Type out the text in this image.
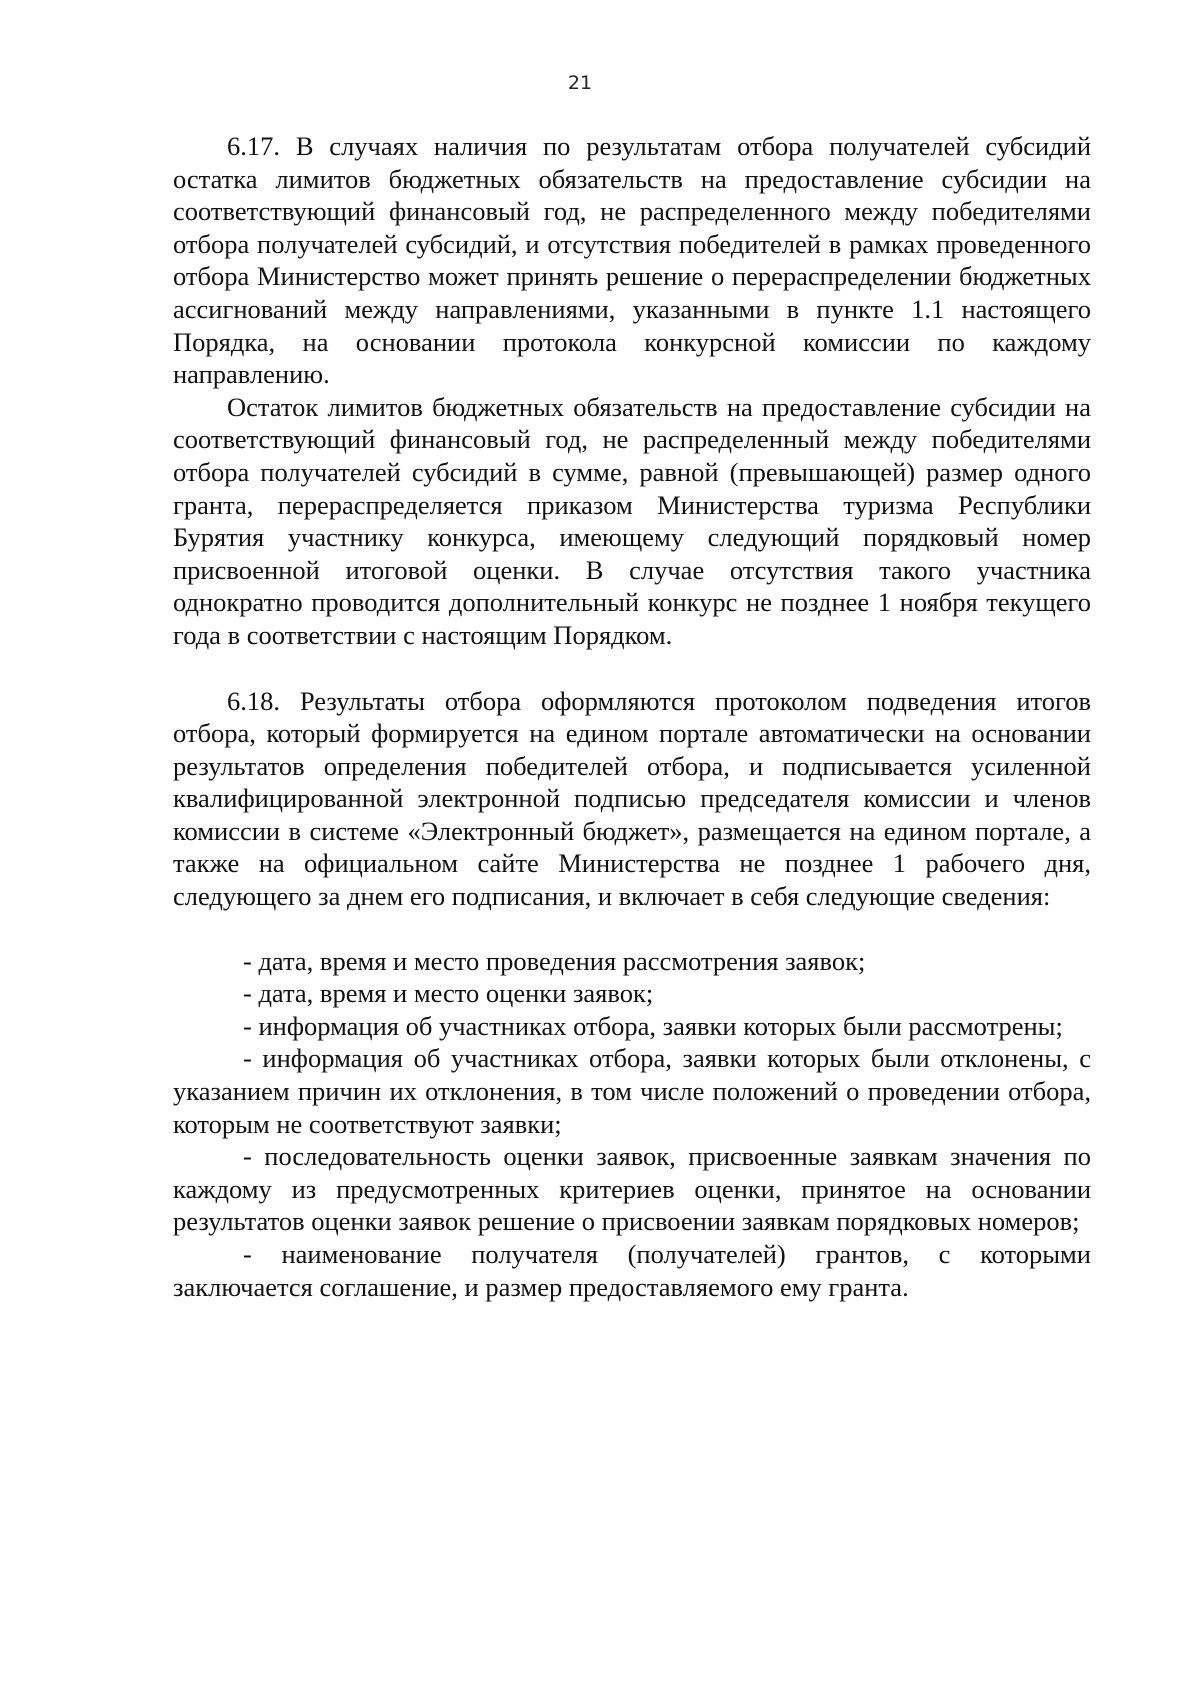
21

6.17. В случаях наличия по результатам отбора получателей субсидий остатка лимитов бюджетных обязательств на предоставление субсидии на соответствующий финансовый год, не распределенного между победителями отбора получателей субсидий, и отсутствия победителей в рамках проведенного отбора Министерство может принять решение о перераспределении бюджетных ассигнований между направлениями, указанными в пункте 1.1 настоящего Порядка, на основании протокола конкурсной комиссии по каждому направлению.

Остаток лимитов бюджетных обязательств на предоставление субсидии на соответствующий финансовый год, не распределенный между победителями отбора получателей субсидий в сумме, равной (превышающей) размер одного гранта, перераспределяется приказом Министерства туризма Республики Бурятия участнику конкурса, имеющему следующий порядковый номер присвоенной итоговой оценки. В случае отсутствия такого участника однократно проводится дополнительный конкурс не позднее 1 ноября текущего года в соответствии с настоящим Порядком.

6.18. Результаты отбора оформляются протоколом подведения итогов отбора, который формируется на едином портале автоматически на основании результатов определения победителей отбора, и подписывается усиленной квалифицированной электронной подписью председателя комиссии и членов комиссии в системе «Электронный бюджет», размещается на едином портале, а также на официальном сайте Министерства не позднее 1 рабочего дня, следующего за днем его подписания, и включает в себя следующие сведения:

- дата, время и место проведения рассмотрения заявок;

- дата, время и место оценки заявок;

- информация об участниках отбора, заявки которых были рассмотрены;

- информация об участниках отбора, заявки которых были отклонены, с указанием причин их отклонения, в том числе положений о проведении отбора, которым не соответствуют заявки;

- последовательность оценки заявок, присвоенные заявкам значения по каждому из предусмотренных критериев оценки, принятое на основании результатов оценки заявок решение о присвоении заявкам порядковых номеров;

- наименование получателя (получателей) грантов, с которыми заключается соглашение, и размер предоставляемого ему гранта.
